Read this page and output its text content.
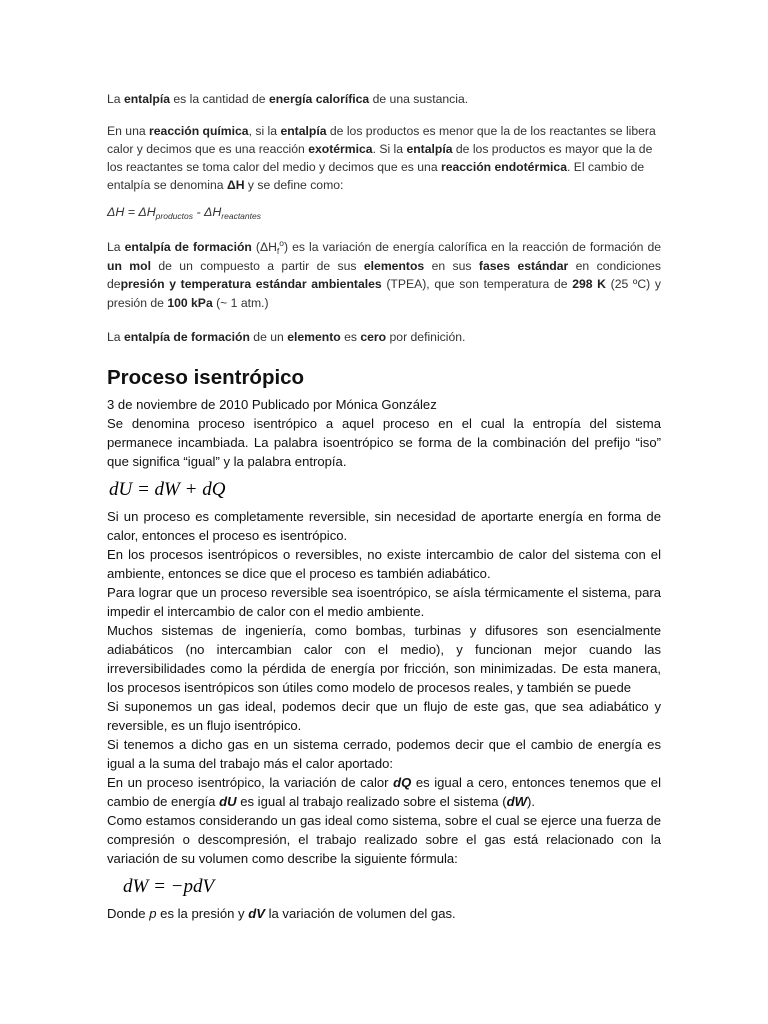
La entalpía es la cantidad de energía calorífica de una sustancia.

En una reacción química, si la entalpía de los productos es menor que la de los reactantes se libera calor y decimos que es una reacción exotérmica. Si la entalpía de los productos es mayor que la de los reactantes se toma calor del medio y decimos que es una reacción endotérmica. El cambio de entalpía se denomina ΔH y se define como:

$\Delta H = \Delta H_{productos} - \Delta H_{reactantes}$

La entalpía de formación $(\Delta H_f^o)$ es la variación de energía calorífica en la reacción de formación de un mol de un compuesto a partir de sus elementos en sus fases estándar en condiciones depresión y temperatura estándar ambientales (TPEA), que son temperatura de 298 K (25 ºC) y presión de 100 kPa (~ 1 atm.)

La entalpía de formación de un elemento es cero por definición.

Proceso isentrópico

3 de noviembre de 2010 Publicado por Mónica González

Se denomina proceso isentrópico a aquel proceso en el cual la entropía del sistema permanece incambiada. La palabra isoentrópico se forma de la combinación del prefijo “iso” que significa “igual” y la palabra entropía.

dU = dW + dQ

Si un proceso es completamente reversible, sin necesidad de aportarte energía en forma de calor, entonces el proceso es isentrópico.

En los procesos isentrópicos o reversibles, no existe intercambio de calor del sistema con el ambiente, entonces se dice que el proceso es también adiabático.

Para lograr que un proceso reversible sea isoentrópico, se aísla térmicamente el sistema, para impedir el intercambio de calor con el medio ambiente.

Muchos sistemas de ingeniería, como bombas, turbinas y difusores son esencialmente adiabáticos (no intercambian calor con el medio), y funcionan mejor cuando las irreversibilidades como la pérdida de energía por fricción, son minimizadas. De esta manera, los procesos isentrópicos son útiles como modelo de procesos reales, y también se puede

Si suponemos un gas ideal, podemos decir que un flujo de este gas, que sea adiabático y reversible, es un flujo isentrópico.

Si tenemos a dicho gas en un sistema cerrado, podemos decir que el cambio de energía es igual a la suma del trabajo más el calor aportado:

En un proceso isentrópico, la variación de calor dQ es igual a cero, entonces tenemos que el cambio de energía dU es igual al trabajo realizado sobre el sistema (dW).

Como estamos considerando un gas ideal como sistema, sobre el cual se ejerce una fuerza de compresión o descompresión, el trabajo realizado sobre el gas está relacionado con la variación de su volumen como describe la siguiente fórmula:

dW = −pdV

Donde p es la presión y dV la variación de volumen del gas.
